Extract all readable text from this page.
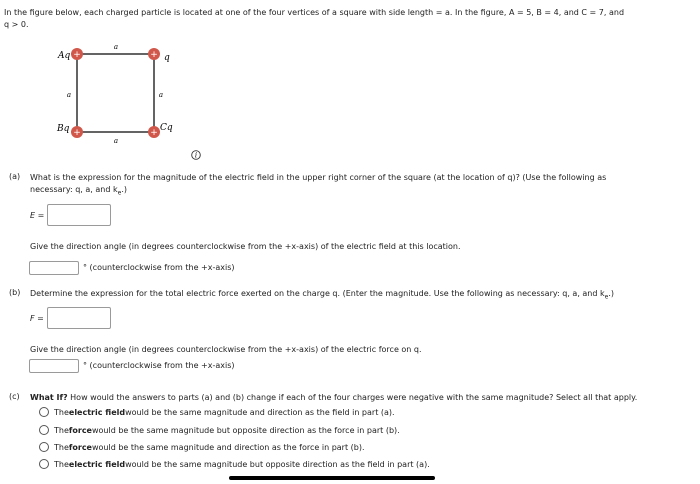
In the figure below, each charged particle is located at one of the four vertices of a square with side length = a. In the figure, A = 5, B = 4, and C = 7, and
q > 0.
a
a	a
a
Aq	q
Bq	Cq
+	+
+	+
i
(a) What is the expression for the magnitude of the electric field in the upper right corner of the square (at the location of q)? (Use the following as
necessary: q, a, and $k_e$.)
E =
Give the direction angle (in degrees counterclockwise from the +x-axis) of the electric field at this location.
° (counterclockwise from the +x-axis)
(b) Determine the expression for the total electric force exerted on the charge q. (Enter the magnitude. Use the following as necessary: q, a, and $k_e$.)
F =
Give the direction angle (in degrees counterclockwise from the +x-axis) of the electric force on q.
° (counterclockwise from the +x-axis)
(c) What If? How would the answers to parts (a) and (b) change if each of the four charges were negative with the same magnitude? Select all that apply.
The electric field would be the same magnitude and direction as the field in part (a).
The force would be the same magnitude but opposite direction as the force in part (b).
The force would be the same magnitude and direction as the force in part (b).
The electric field would be the same magnitude but opposite direction as the field in part (a).
